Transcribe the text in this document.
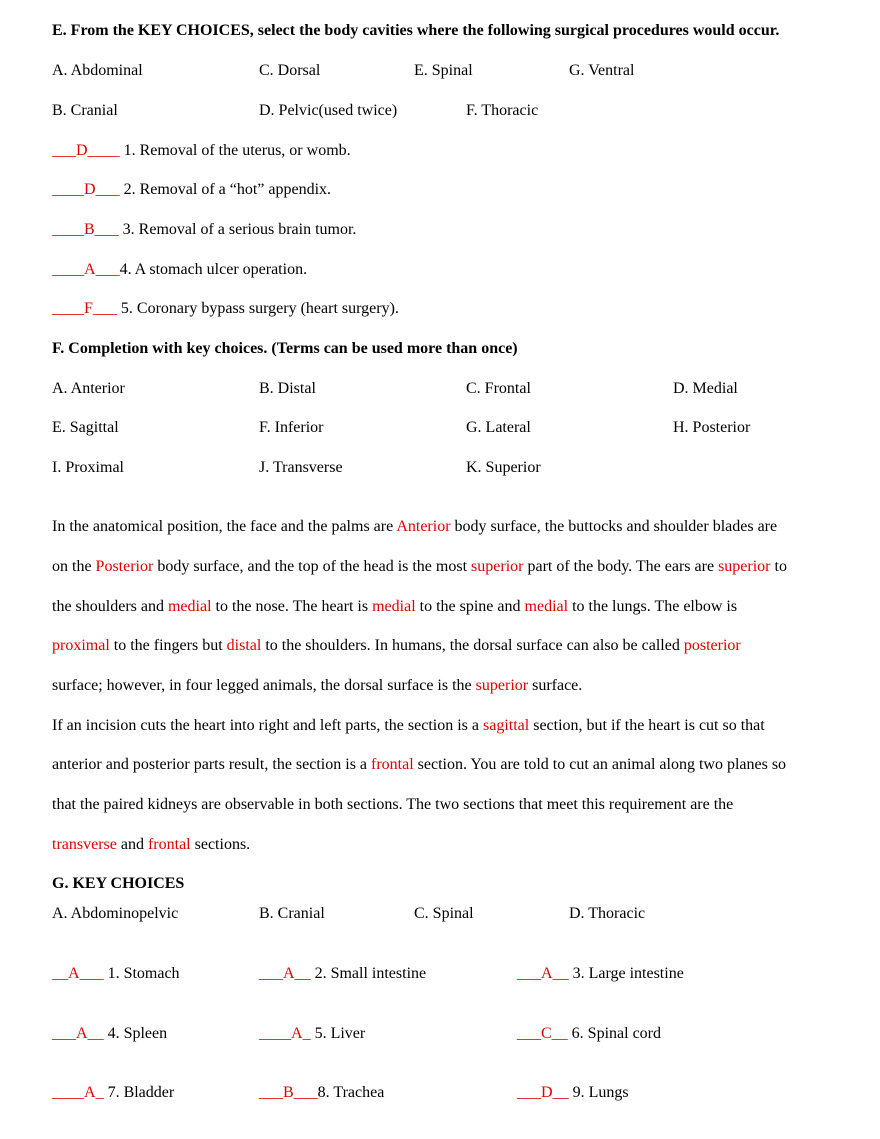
E. From the KEY CHOICES, select the body cavities where the following surgical procedures would occur.
A. Abdominal	C. Dorsal	E. Spinal	G. Ventral
B. Cranial	D. Pelvic(used twice)	F. Thoracic
___D____ 1. Removal of the uterus, or womb.
____D___ 2. Removal of a “hot” appendix.
____B___ 3. Removal of a serious brain tumor.
____A___4. A stomach ulcer operation.
____F___ 5. Coronary bypass surgery (heart surgery).
F. Completion with key choices. (Terms can be used more than once)
A. Anterior	B. Distal	C. Frontal	D. Medial
E. Sagittal	F. Inferior	G. Lateral	H. Posterior
I. Proximal	J. Transverse	K. Superior
In the anatomical position, the face and the palms are Anterior body surface, the buttocks and shoulder blades are
on the Posterior body surface, and the top of the head is the most superior part of the body. The ears are superior to
the shoulders and medial to the nose. The heart is medial to the spine and medial to the lungs. The elbow is
proximal to the fingers but distal to the shoulders. In humans, the dorsal surface can also be called posterior
surface; however, in four legged animals, the dorsal surface is the superior surface.
If an incision cuts the heart into right and left parts, the section is a sagittal section, but if the heart is cut so that
anterior and posterior parts result, the section is a frontal section. You are told to cut an animal along two planes so
that the paired kidneys are observable in both sections. The two sections that meet this requirement are the
transverse and frontal sections.
G. KEY CHOICES
A. Abdominopelvic	B. Cranial	C. Spinal	D. Thoracic
__A___ 1. Stomach	___A__ 2. Small intestine	___A__ 3. Large intestine
___A__ 4. Spleen	____A_ 5. Liver	___C__ 6. Spinal cord
____A_ 7. Bladder	___B___8. Trachea	___D__ 9. Lungs
